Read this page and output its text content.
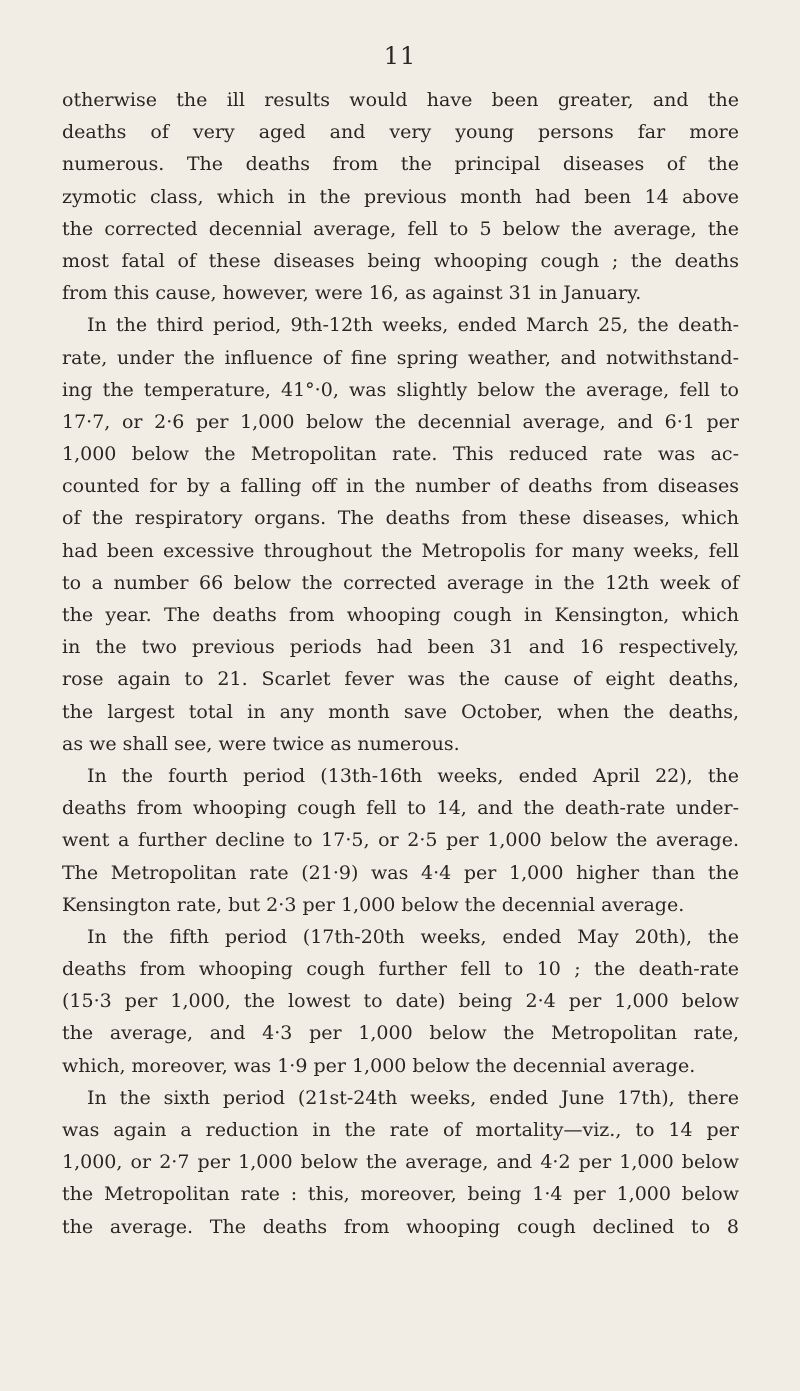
11
otherwise the ill results would have been greater, and the
deaths of very aged and very young persons far more
numerous. The deaths from the principal diseases of the
zymotic class, which in the previous month had been 14 above
the corrected decennial average, fell to 5 below the average, the
most fatal of these diseases being whooping cough ; the deaths
from this cause, however, were 16, as against 31 in January.
In the third period, 9th-12th weeks, ended March 25, the death-
rate, under the influence of fine spring weather, and notwithstand-
ing the temperature, 41°·0, was slightly below the average, fell to
17·7, or 2·6 per 1,000 below the decennial average, and 6·1 per
1,000 below the Metropolitan rate. This reduced rate was ac-
counted for by a falling off in the number of deaths from diseases
of the respiratory organs. The deaths from these diseases, which
had been excessive throughout the Metropolis for many weeks, fell
to a number 66 below the corrected average in the 12th week of
the year. The deaths from whooping cough in Kensington, which
in the two previous periods had been 31 and 16 respectively,
rose again to 21. Scarlet fever was the cause of eight deaths,
the largest total in any month save October, when the deaths,
as we shall see, were twice as numerous.
In the fourth period (13th-16th weeks, ended April 22), the
deaths from whooping cough fell to 14, and the death-rate under-
went a further decline to 17·5, or 2·5 per 1,000 below the average.
The Metropolitan rate (21·9) was 4·4 per 1,000 higher than the
Kensington rate, but 2·3 per 1,000 below the decennial average.
In the fifth period (17th-20th weeks, ended May 20th), the
deaths from whooping cough further fell to 10 ; the death-rate
(15·3 per 1,000, the lowest to date) being 2·4 per 1,000 below
the average, and 4·3 per 1,000 below the Metropolitan rate,
which, moreover, was 1·9 per 1,000 below the decennial average.
In the sixth period (21st-24th weeks, ended June 17th), there
was again a reduction in the rate of mortality—viz., to 14 per
1,000, or 2·7 per 1,000 below the average, and 4·2 per 1,000 below
the Metropolitan rate : this, moreover, being 1·4 per 1,000 below
the average. The deaths from whooping cough declined to 8
